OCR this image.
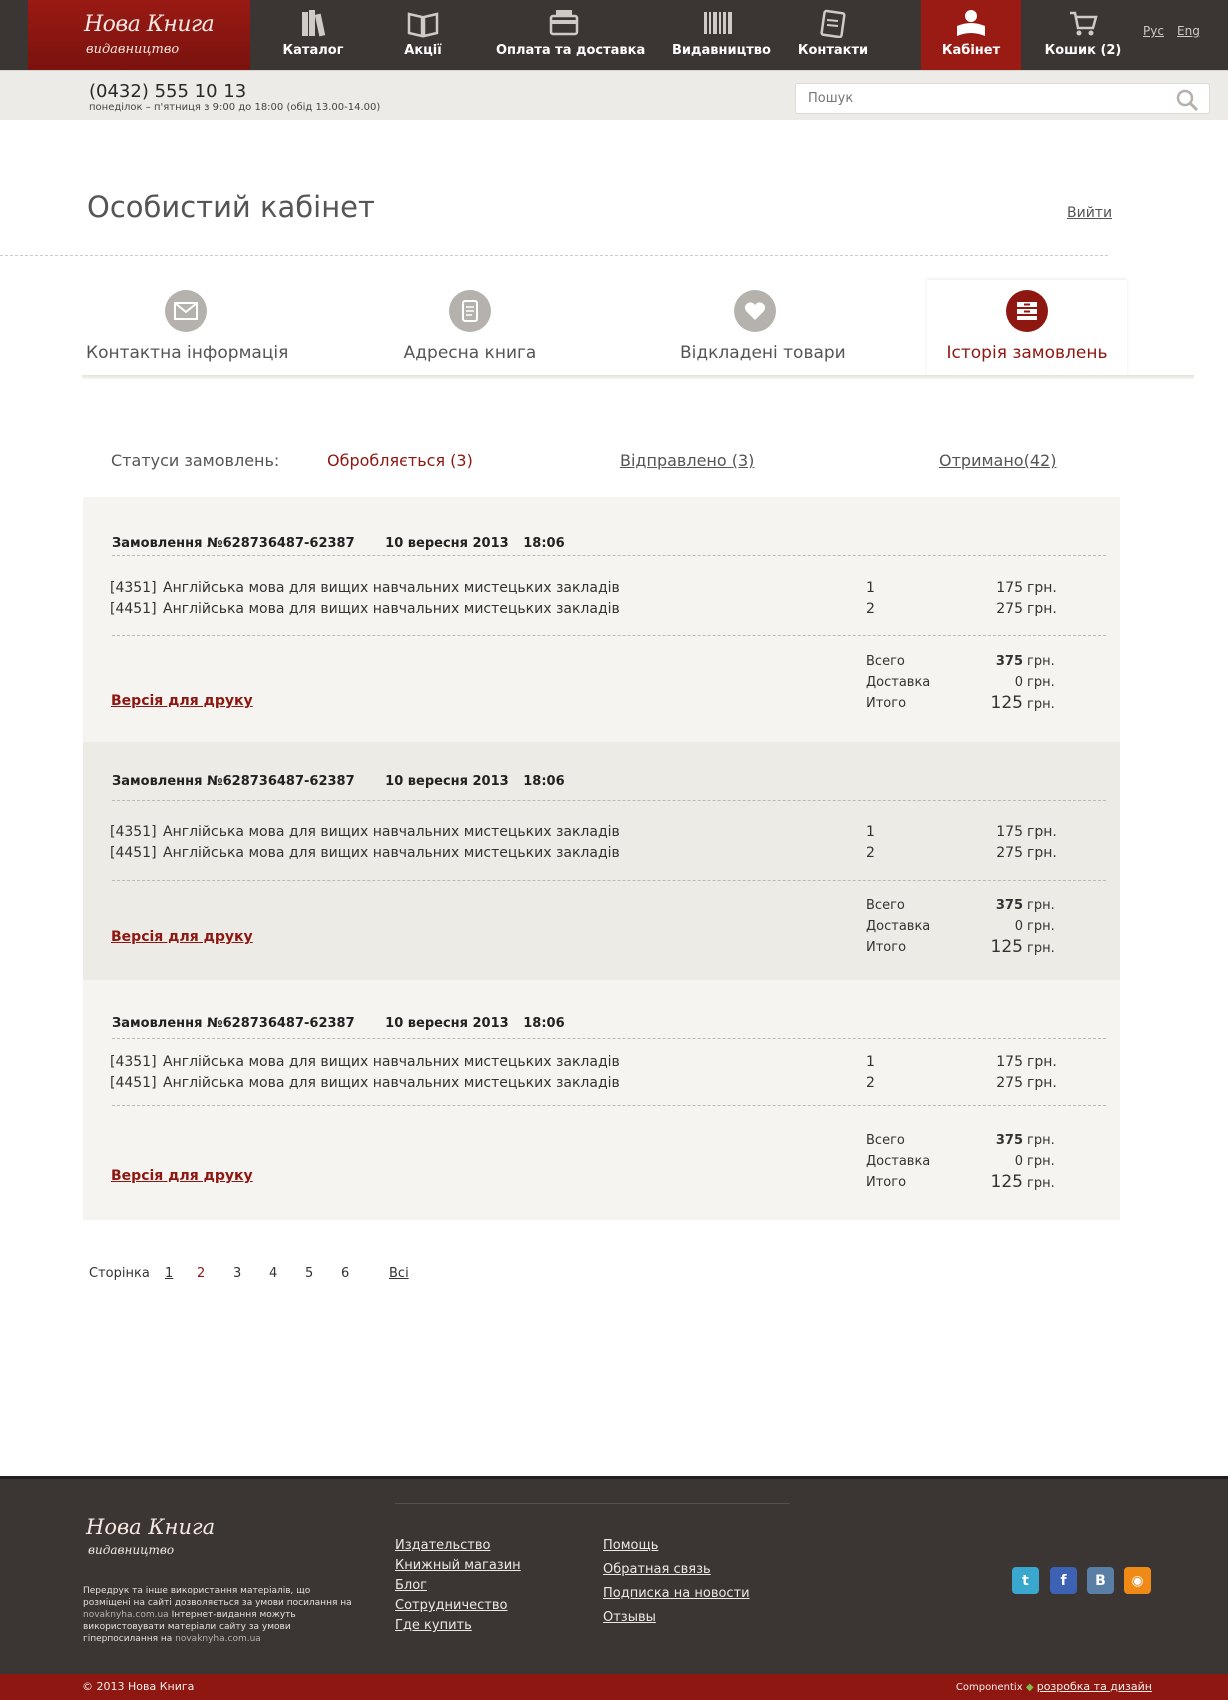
Нова Книга
видавництво	Каталог	Акції	Оплата та доставка Видавництво Контакти	Кабінет	Кошик (2)
Рус Eng
(0432) 555 10 13
понеділок – п'ятниця з 9:00 до 18:00 (обід 13.00-14.00)
Пошук
Особистий кабінет	Вийти
Контактна інформація	Адресна книга	Відкладені товари	Історія замовлень
Статуси замовлень:	Обробляється (3)	Відправлено (3)	Отримано(42)
Замовлення №628736487-62387 10 вересня 2013 18:06
[4351] Англійська мова для вищих навчальних мистецьких закладів	1	175 грн.
[4451] Англійська мова для вищих навчальних мистецьких закладів	2	275 грн.
Всего	375 грн.
Доставка	0 грн.
Итого	125 грн.
Версія для друку
Замовлення №628736487-62387 10 вересня 2013 18:06
[4351] Англійська мова для вищих навчальних мистецьких закладів	1	175 грн.
[4451] Англійська мова для вищих навчальних мистецьких закладів	2	275 грн.
Всего	375 грн.
Доставка	0 грн.
Итого	125 грн.
Версія для друку
Замовлення №628736487-62387 10 вересня 2013 18:06
[4351] Англійська мова для вищих навчальних мистецьких закладів	1	175 грн.
[4451] Англійська мова для вищих навчальних мистецьких закладів	2	275 грн.
Всего	375 грн.
Доставка	0 грн.
Итого	125 грн.
Версія для друку
Сторінка 1 2 3 4 5 6	Всі
Нова Книга
видавництво
Передрук та інше використання матеріалів, що розміщені на сайті дозволяється за умови посилання на novaknyha.com.ua Інтернет-видання можуть використовувати матеріали сайту за умови гіперпосилання на novaknyha.com.ua
Издательство
Книжный магазин
Блог
Сотрудничество
Где купить
Помощь
Обратная связь
Подписка на новости
Отзывы
t	f	B	◉
© 2013 Нова Книга	Componentix ◆ розробка та дизайн
